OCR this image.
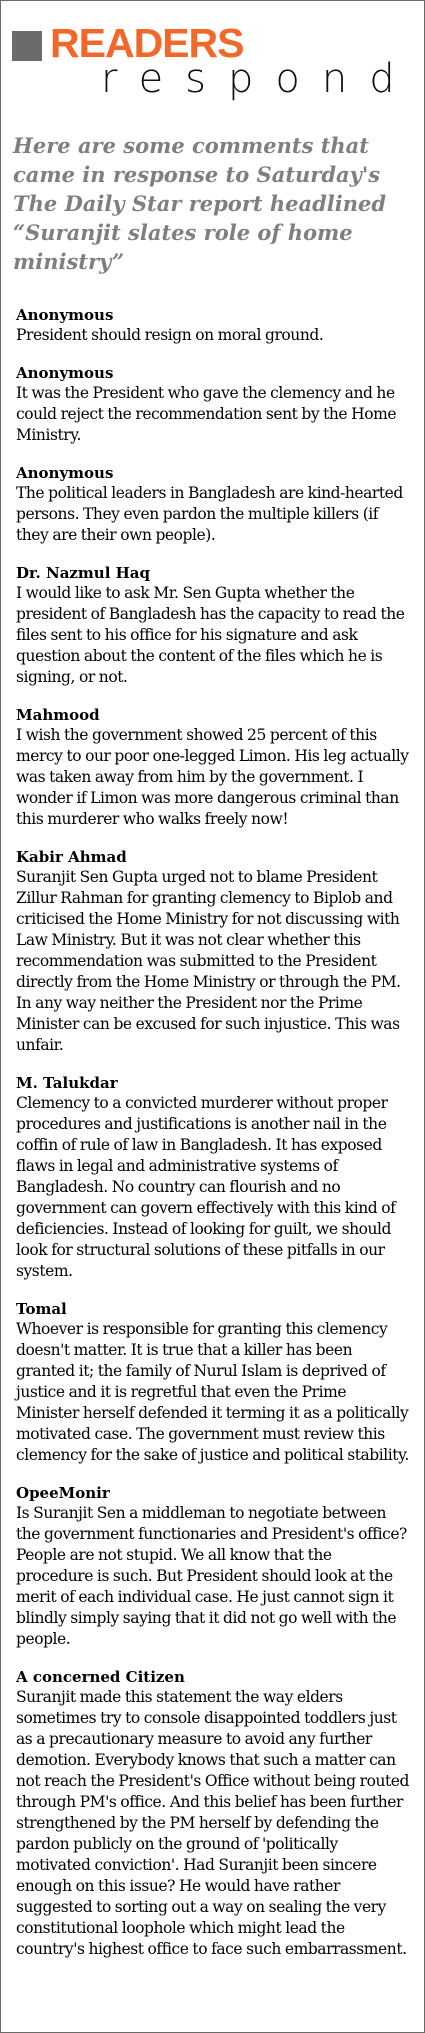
READERS
respond
Here are some comments that came in response to Saturday's The Daily Star report headlined “Suranjit slates role of home ministry”
Anonymous
President should resign on moral ground.
Anonymous
It was the President who gave the clemency and he could reject the recommendation sent by the Home Ministry.
Anonymous
The political leaders in Bangladesh are kind-hearted persons. They even pardon the multiple killers (if they are their own people).
Dr. Nazmul Haq
I would like to ask Mr. Sen Gupta whether the president of Bangladesh has the capacity to read the files sent to his office for his signature and ask question about the content of the files which he is signing, or not.
Mahmood
I wish the government showed 25 percent of this mercy to our poor one-legged Limon. His leg actually was taken away from him by the government. I wonder if Limon was more dangerous criminal than this murderer who walks freely now!
Kabir Ahmad
Suranjit Sen Gupta urged not to blame President Zillur Rahman for granting clemency to Biplob and criticised the Home Ministry for not discussing with Law Ministry. But it was not clear whether this recommendation was submitted to the President directly from the Home Ministry or through the PM. In any way neither the President nor the Prime Minister can be excused for such injustice. This was unfair.
M. Talukdar
Clemency to a convicted murderer without proper procedures and justifications is another nail in the coffin of rule of law in Bangladesh. It has exposed flaws in legal and administrative systems of Bangladesh. No country can flourish and no government can govern effectively with this kind of deficiencies. Instead of looking for guilt, we should look for structural solutions of these pitfalls in our system.
Tomal
Whoever is responsible for granting this clemency doesn't matter. It is true that a killer has been granted it; the family of Nurul Islam is deprived of justice and it is regretful that even the Prime Minister herself defended it terming it as a politically motivated case. The government must review this clemency for the sake of justice and political stability.
OpeeMonir
Is Suranjit Sen a middleman to negotiate between the government functionaries and President's office? People are not stupid. We all know that the procedure is such. But President should look at the merit of each individual case. He just cannot sign it blindly simply saying that it did not go well with the people.
A concerned Citizen
Suranjit made this statement the way elders sometimes try to console disappointed toddlers just as a precautionary measure to avoid any further demotion. Everybody knows that such a matter can not reach the President's Office without being routed through PM's office. And this belief has been further strengthened by the PM herself by defending the pardon publicly on the ground of 'politically motivated conviction'. Had Suranjit been sincere enough on this issue? He would have rather suggested to sorting out a way on sealing the very constitutional loophole which might lead the country's highest office to face such embarrassment.
